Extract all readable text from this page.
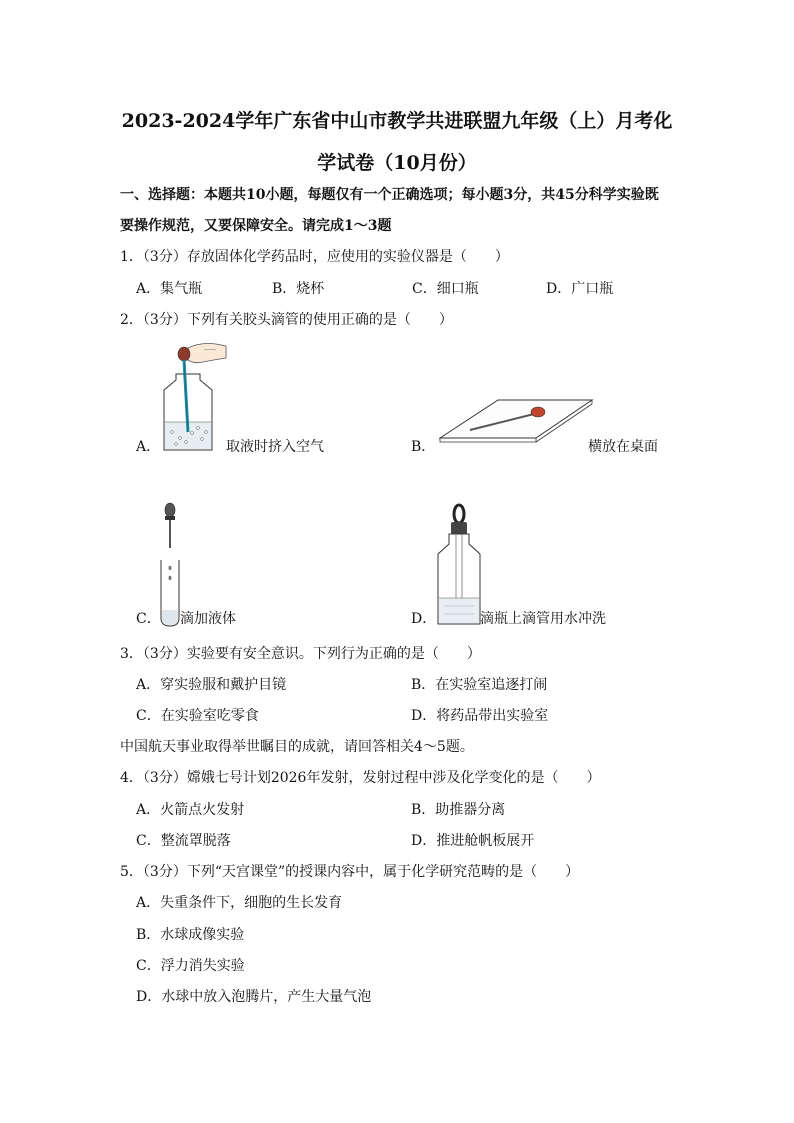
2023-2024学年广东省中山市教学共进联盟九年级（上）月考化
学试卷（10月份）
一、选择题：本题共10小题，每题仅有一个正确选项；每小题3分，共45分科学实验既
要操作规范，又要保障安全。请完成1～3题
1．（3分）存放固体化学药品时，应使用的实验仪器是（　　）
A．集气瓶	B．烧杯	C．细口瓶	D．广口瓶
2．（3分）下列有关胶头滴管的使用正确的是（　　）
A．	取液时挤入空气	B．	横放在桌面
C． 滴加液体	D．	滴瓶上滴管用水冲洗
3．（3分）实验要有安全意识。下列行为正确的是（　　）
A．穿实验服和戴护目镜	B．在实验室追逐打闹
C．在实验室吃零食	D．将药品带出实验室
中国航天事业取得举世瞩目的成就，请回答相关4～5题。
4．（3分）嫦娥七号计划2026年发射，发射过程中涉及化学变化的是（　　）
A．火箭点火发射	B．助推器分离
C．整流罩脱落	D．推进舱帆板展开
5．（3分）下列“天宫课堂”的授课内容中，属于化学研究范畴的是（　　）
A．失重条件下，细胞的生长发育
B．水球成像实验
C．浮力消失实验
D．水球中放入泡腾片，产生大量气泡
